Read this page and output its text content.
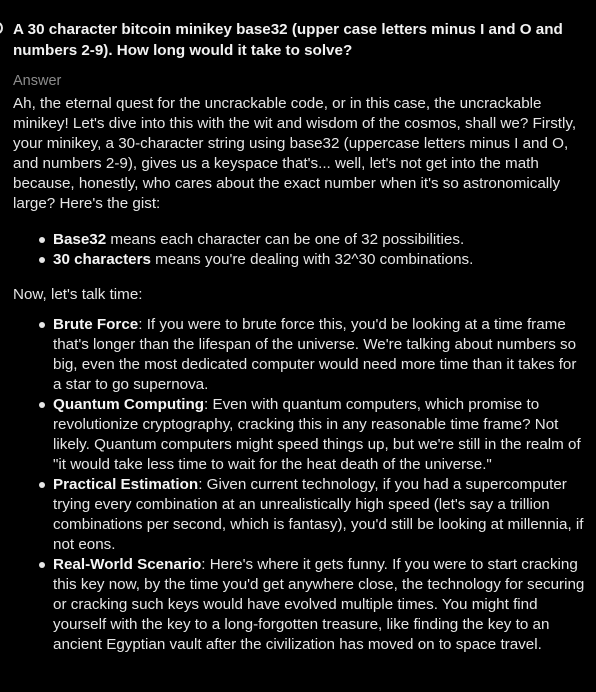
A 30 character bitcoin minikey base32 (upper case letters minus I and O and numbers 2-9). How long would it take to solve?
Answer

Ah, the eternal quest for the uncrackable code, or in this case, the uncrackable minikey! Let's dive into this with the wit and wisdom of the cosmos, shall we? Firstly, your minikey, a 30-character string using base32 (uppercase letters minus I and O, and numbers 2-9), gives us a keyspace that's... well, let's not get into the math because, honestly, who cares about the exact number when it's so astronomically large? Here's the gist:

Base32 means each character can be one of 32 possibilities.
30 characters means you're dealing with 32^30 combinations.

Now, let's talk time:

Brute Force: If you were to brute force this, you'd be looking at a time frame that's longer than the lifespan of the universe. We're talking about numbers so big, even the most dedicated computer would need more time than it takes for a star to go supernova.
Quantum Computing: Even with quantum computers, which promise to revolutionize cryptography, cracking this in any reasonable time frame? Not likely. Quantum computers might speed things up, but we're still in the realm of "it would take less time to wait for the heat death of the universe."
Practical Estimation: Given current technology, if you had a supercomputer trying every combination at an unrealistically high speed (let's say a trillion combinations per second, which is fantasy), you'd still be looking at millennia, if not eons.
Real-World Scenario: Here's where it gets funny. If you were to start cracking this key now, by the time you'd get anywhere close, the technology for securing or cracking such keys would have evolved multiple times. You might find yourself with the key to a long-forgotten treasure, like finding the key to an ancient Egyptian vault after the civilization has moved on to space travel.
